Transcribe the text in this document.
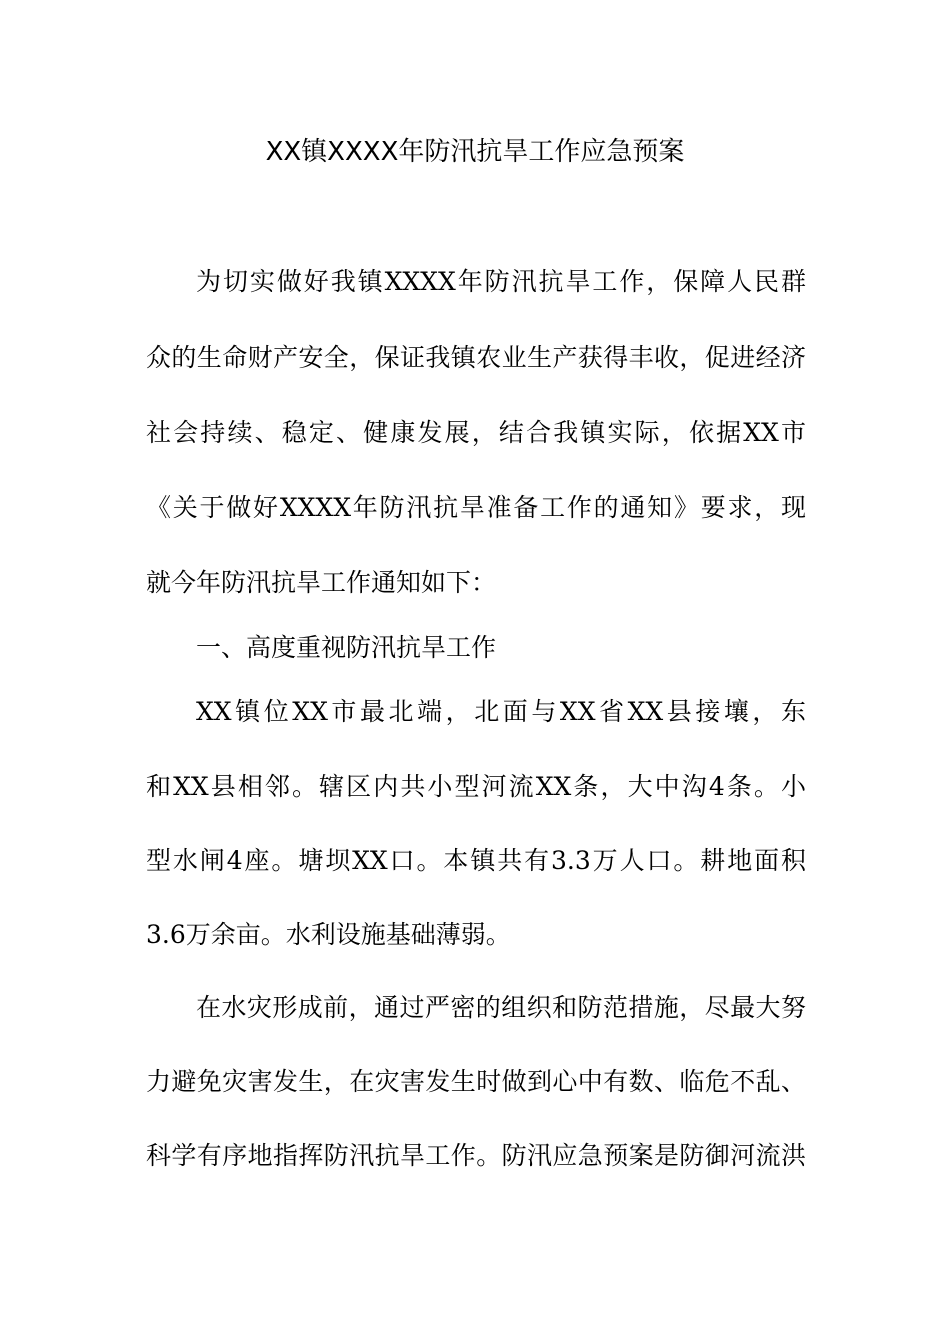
XX镇XXXX年防汛抗旱工作应急预案
为切实做好我镇XXXX年防汛抗旱工作，保障人民群
众的生命财产安全，保证我镇农业生产获得丰收，促进经济
社会持续、稳定、健康发展，结合我镇实际，依据XX市
《关于做好XXXX年防汛抗旱准备工作的通知》要求，现
就今年防汛抗旱工作通知如下：
一、高度重视防汛抗旱工作
XX镇位XX市最北端，北面与XX省XX县接壤，东
和XX县相邻。辖区内共小型河流XX条，大中沟4条。小
型水闸4座。塘坝XX口。本镇共有3.3万人口。耕地面积
3.6万余亩。水利设施基础薄弱。
在水灾形成前，通过严密的组织和防范措施，尽最大努
力避免灾害发生，在灾害发生时做到心中有数、临危不乱、
科学有序地指挥防汛抗旱工作。防汛应急预案是防御河流洪
